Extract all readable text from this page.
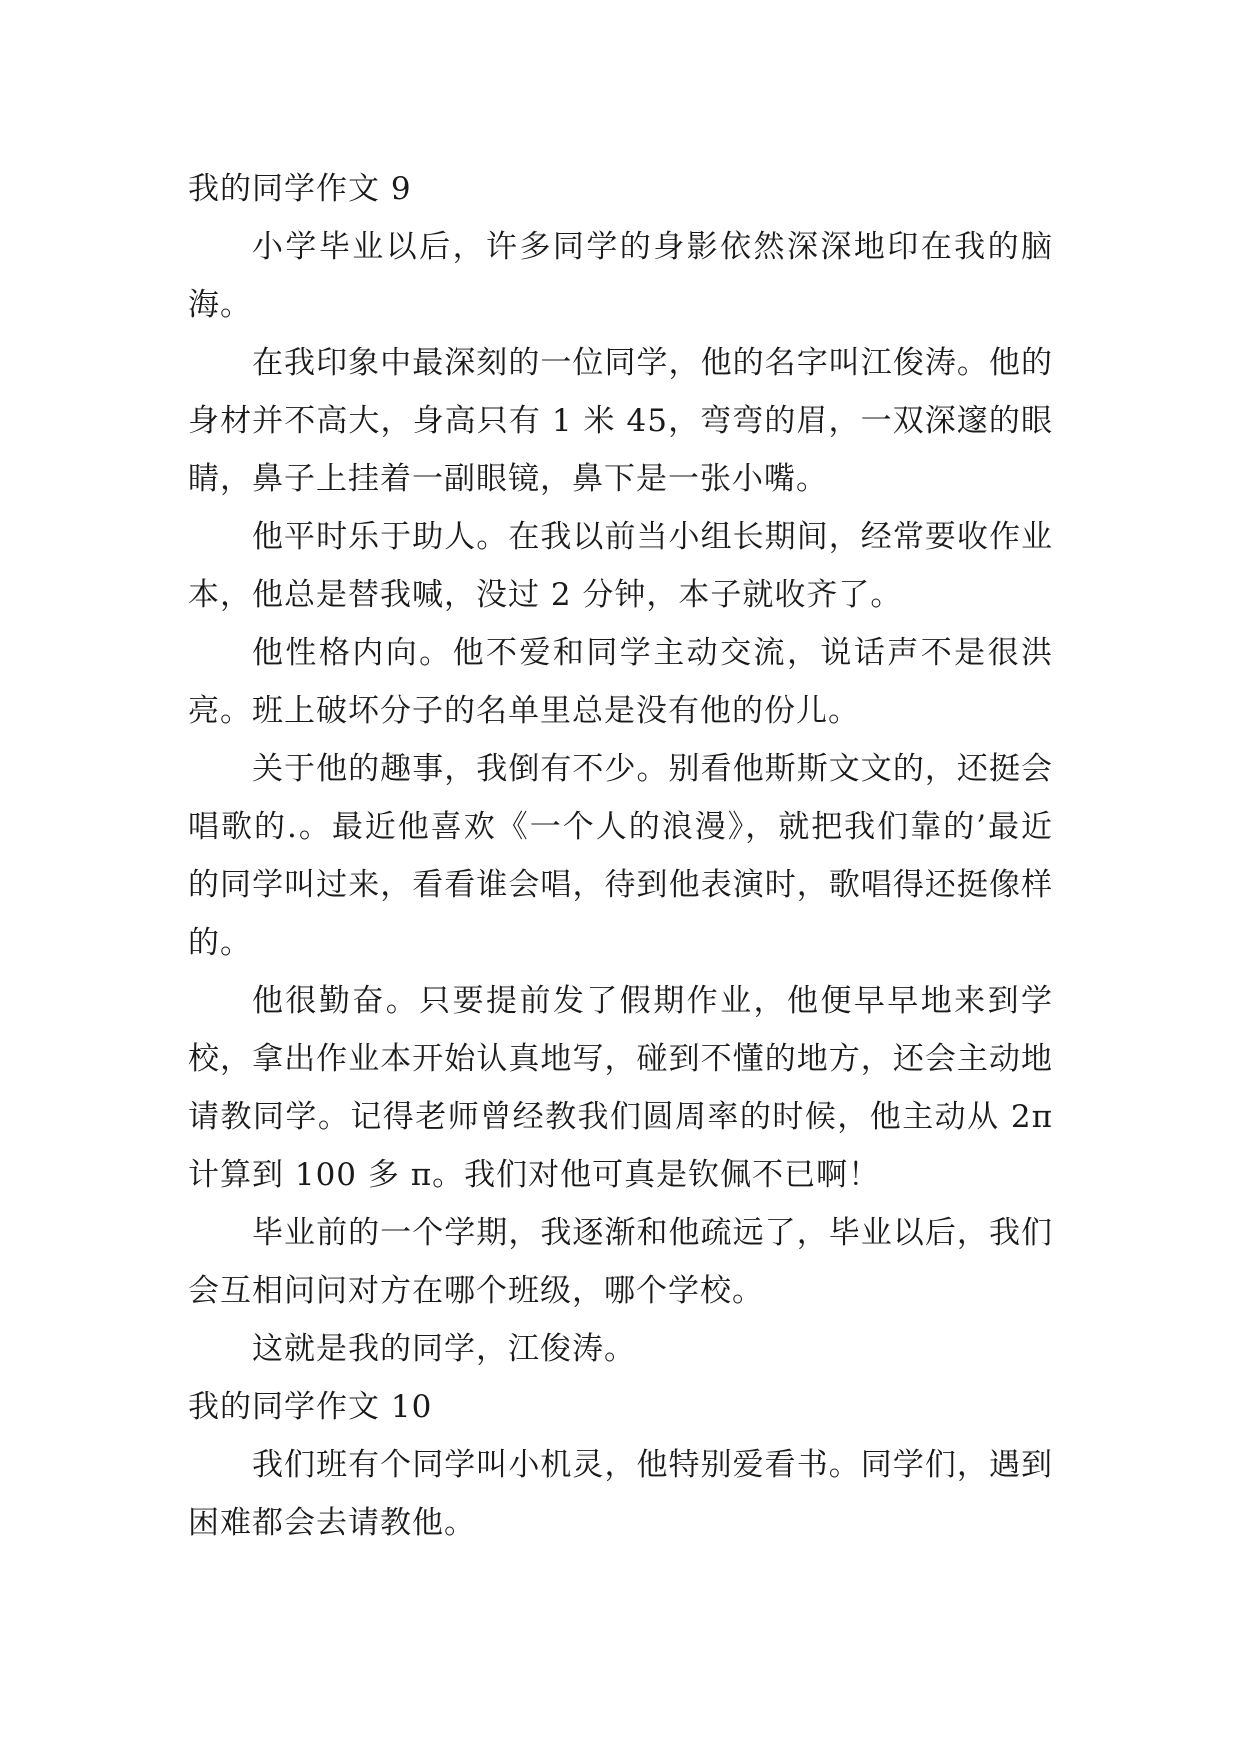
我的同学作文 9

小学毕业以后，许多同学的身影依然深深地印在我的脑海。

在我印象中最深刻的一位同学，他的名字叫江俊涛。他的身材并不高大，身高只有 1 米 45，弯弯的眉，一双深邃的眼睛，鼻子上挂着一副眼镜，鼻下是一张小嘴。

他平时乐于助人。在我以前当小组长期间，经常要收作业本，他总是替我喊，没过 2 分钟，本子就收齐了。

他性格内向。他不爱和同学主动交流，说话声不是很洪亮。班上破坏分子的名单里总是没有他的份儿。

关于他的趣事，我倒有不少。别看他斯斯文文的，还挺会唱歌的.。最近他喜欢《一个人的浪漫》，就把我们靠的’最近的同学叫过来，看看谁会唱，待到他表演时，歌唱得还挺像样的。

他很勤奋。只要提前发了假期作业，他便早早地来到学校，拿出作业本开始认真地写，碰到不懂的地方，还会主动地请教同学。记得老师曾经教我们圆周率的时候，他主动从 2π 计算到 100 多 π。我们对他可真是钦佩不已啊！

毕业前的一个学期，我逐渐和他疏远了，毕业以后，我们会互相问问对方在哪个班级，哪个学校。

这就是我的同学，江俊涛。

我的同学作文 10

我们班有个同学叫小机灵，他特别爱看书。同学们，遇到困难都会去请教他。
